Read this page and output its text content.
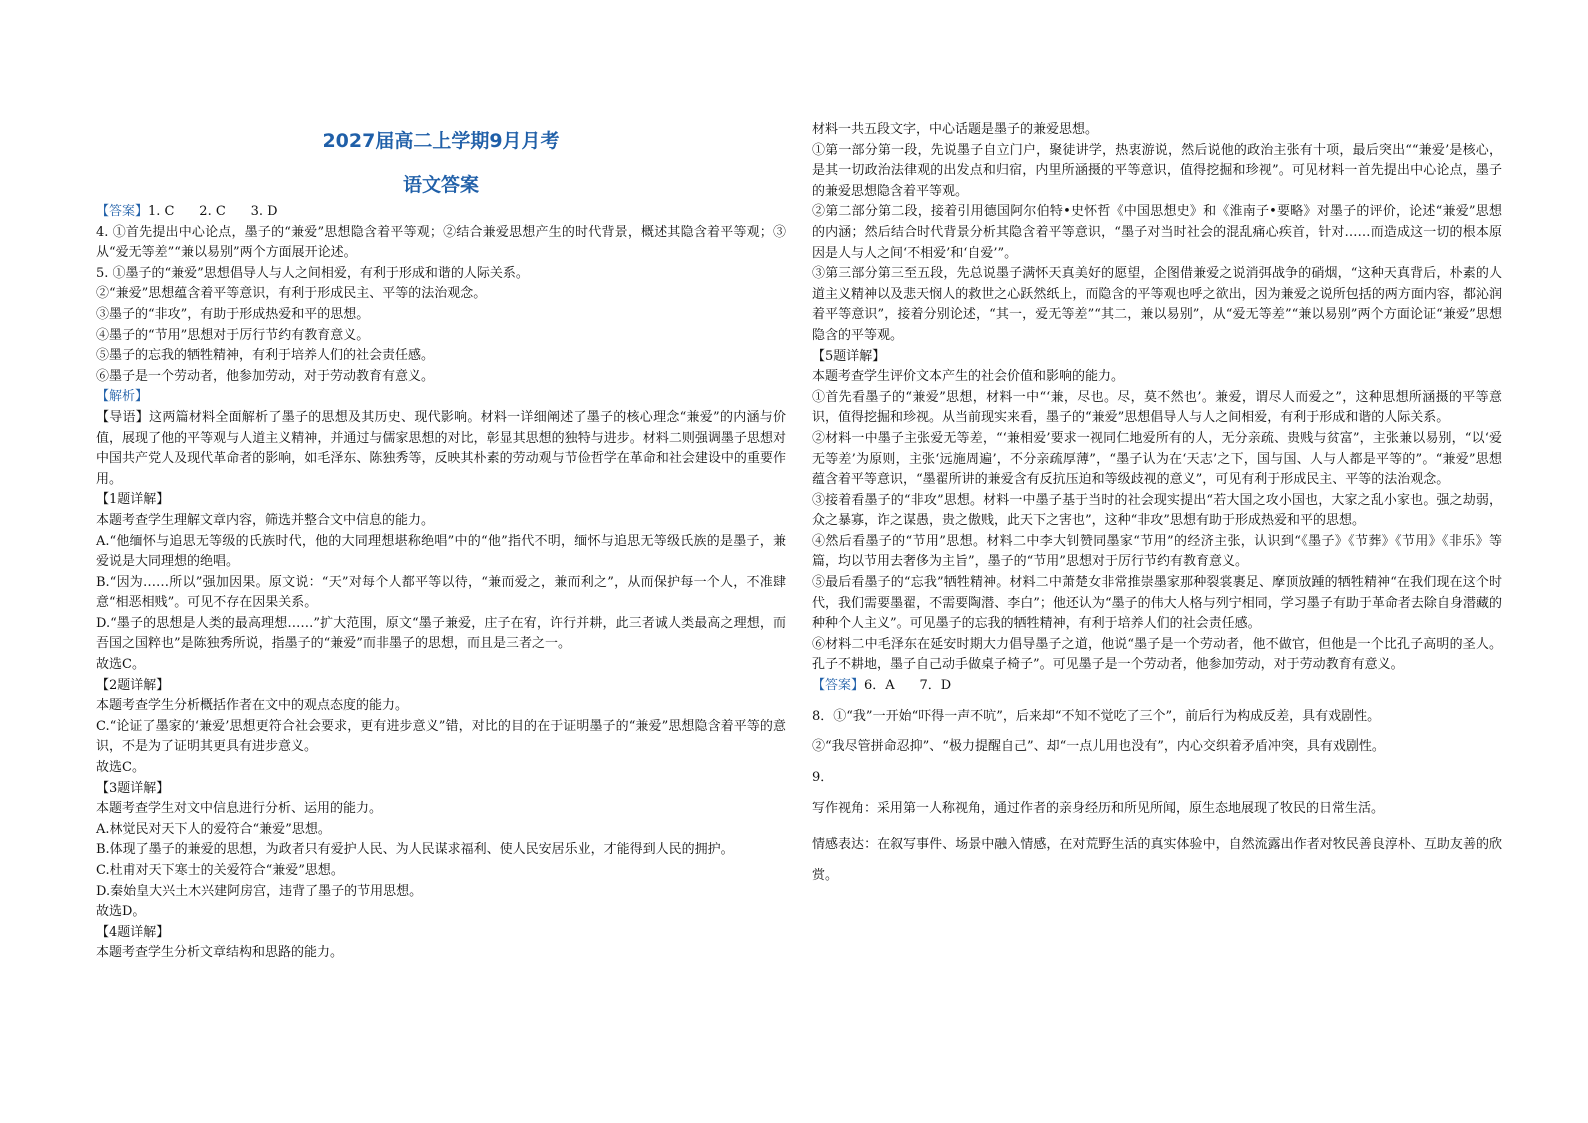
2027届高二上学期9月月考
语文答案

【答案】1. C      2. C      3. D

4. ①首先提出中心论点，墨子的“兼爱”思想隐含着平等观；②结合兼爱思想产生的时代背景，概述其隐含着平等观；③从“爱无等差”“兼以易别”两个方面展开论述。

5. ①墨子的“兼爱”思想倡导人与人之间相爱，有利于形成和谐的人际关系。

②“兼爱”思想蕴含着平等意识，有利于形成民主、平等的法治观念。

③墨子的“非攻”，有助于形成热爱和平的思想。

④墨子的“节用”思想对于厉行节约有教育意义。

⑤墨子的忘我的牺牲精神，有利于培养人们的社会责任感。

⑥墨子是一个劳动者，他参加劳动，对于劳动教育有意义。

【解析】

【导语】这两篇材料全面解析了墨子的思想及其历史、现代影响。材料一详细阐述了墨子的核心理念“兼爱”的内涵与价值，展现了他的平等观与人道主义精神，并通过与儒家思想的对比，彰显其思想的独特与进步。材料二则强调墨子思想对中国共产党人及现代革命者的影响，如毛泽东、陈独秀等，反映其朴素的劳动观与节俭哲学在革命和社会建设中的重要作用。

【1题详解】

本题考查学生理解文章内容，筛选并整合文中信息的能力。

A.“他缅怀与追思无等级的氏族时代，他的大同理想堪称绝唱”中的“他”指代不明，缅怀与追思无等级氏族的是墨子，兼爱说是大同理想的绝唱。

B.“因为……所以”强加因果。原文说：“天”对每个人都平等以待，“兼而爱之，兼而利之”，从而保护每一个人，不准肆意“相恶相贱”。可见不存在因果关系。

D.“墨子的思想是人类的最高理想……”扩大范围，原文“墨子兼爱，庄子在宥，许行并耕，此三者诚人类最高之理想，而吾国之国粹也”是陈独秀所说，指墨子的“兼爱”而非墨子的思想，而且是三者之一。

故选C。

【2题详解】

本题考查学生分析概括作者在文中的观点态度的能力。

C.“论证了墨家的‘兼爱’思想更符合社会要求，更有进步意义”错，对比的目的在于证明墨子的“兼爱”思想隐含着平等的意识，不是为了证明其更具有进步意义。

故选C。

【3题详解】

本题考查学生对文中信息进行分析、运用的能力。

A.林觉民对天下人的爱符合“兼爱”思想。

B.体现了墨子的兼爱的思想，为政者只有爱护人民、为人民谋求福利、使人民安居乐业，才能得到人民的拥护。

C.杜甫对天下寒士的关爱符合“兼爱”思想。

D.秦始皇大兴土木兴建阿房宫，违背了墨子的节用思想。

故选D。

【4题详解】

本题考查学生分析文章结构和思路的能力。

材料一共五段文字，中心话题是墨子的兼爱思想。

①第一部分第一段，先说墨子自立门户，聚徒讲学，热衷游说，然后说他的政治主张有十项，最后突出““兼爱’是核心，是其一切政治法律观的出发点和归宿，内里所涵摄的平等意识，值得挖掘和珍视”。可见材料一首先提出中心论点，墨子的兼爱思想隐含着平等观。

②第二部分第二段，接着引用德国阿尔伯特•史怀哲《中国思想史》和《淮南子•要略》对墨子的评价，论述“兼爱”思想的内涵；然后结合时代背景分析其隐含着平等意识，“墨子对当时社会的混乱痛心疾首，针对……而造成这一切的根本原因是人与人之间‘不相爱’和‘自爱’”。

③第三部分第三至五段，先总说墨子满怀天真美好的愿望，企图借兼爱之说消弭战争的硝烟，“这种天真背后，朴素的人道主义精神以及悲天悯人的救世之心跃然纸上，而隐含的平等观也呼之欲出，因为兼爱之说所包括的两方面内容，都沁润着平等意识”，接着分别论述，“其一，爱无等差”“其二，兼以易别”，从“爱无等差”“兼以易别”两个方面论证“兼爱”思想隐含的平等观。

【5题详解】

本题考查学生评价文本产生的社会价值和影响的能力。

①首先看墨子的“兼爱”思想，材料一中“‘兼，尽也。尽，莫不然也’。兼爱，谓尽人而爱之”，这种思想所涵摄的平等意识，值得挖掘和珍视。从当前现实来看，墨子的“兼爱”思想倡导人与人之间相爱，有利于形成和谐的人际关系。

②材料一中墨子主张爱无等差，“‘兼相爱’要求一视同仁地爱所有的人，无分亲疏、贵贱与贫富”，主张兼以易别，“以‘爱无等差’为原则，主张‘远施周遍’，不分亲疏厚薄”，“墨子认为在‘天志’之下，国与国、人与人都是平等的”。“兼爱”思想蕴含着平等意识，“墨翟所讲的兼爱含有反抗压迫和等级歧视的意义”，可见有利于形成民主、平等的法治观念。

③接着看墨子的“非攻”思想。材料一中墨子基于当时的社会现实提出“若大国之攻小国也，大家之乱小家也。强之劫弱，众之暴寡，诈之谋愚，贵之傲贱，此天下之害也”，这种“非攻”思想有助于形成热爱和平的思想。

④然后看墨子的“节用”思想。材料二中李大钊赞同墨家“节用”的经济主张，认识到“《墨子》《节葬》《节用》《非乐》等篇，均以节用去奢侈为主旨”，墨子的“节用”思想对于厉行节约有教育意义。

⑤最后看墨子的“忘我”牺牲精神。材料二中萧楚女非常推崇墨家那种裂裳裹足、摩顶放踵的牺牲精神“在我们现在这个时代，我们需要墨翟，不需要陶潜、李白”；他还认为“墨子的伟大人格与列宁相同，学习墨子有助于革命者去除自身潜藏的种种个人主义”。可见墨子的忘我的牺牲精神，有利于培养人们的社会责任感。

⑥材料二中毛泽东在延安时期大力倡导墨子之道，他说“墨子是一个劳动者，他不做官，但他是一个比孔子高明的圣人。孔子不耕地，墨子自己动手做桌子椅子”。可见墨子是一个劳动者，他参加劳动，对于劳动教育有意义。

【答案】6．A      7．D

8．①“我”一开始“吓得一声不吭”，后来却“不知不觉吃了三个”，前后行为构成反差，具有戏剧性。

②“我尽管拼命忍抑”、“极力提醒自己”、却“一点儿用也没有”，内心交织着矛盾冲突，具有戏剧性。

9．

写作视角：采用第一人称视角，通过作者的亲身经历和所见所闻，原生态地展现了牧民的日常生活。

情感表达：在叙写事件、场景中融入情感，在对荒野生活的真实体验中，自然流露出作者对牧民善良淳朴、互助友善的欣赏。
